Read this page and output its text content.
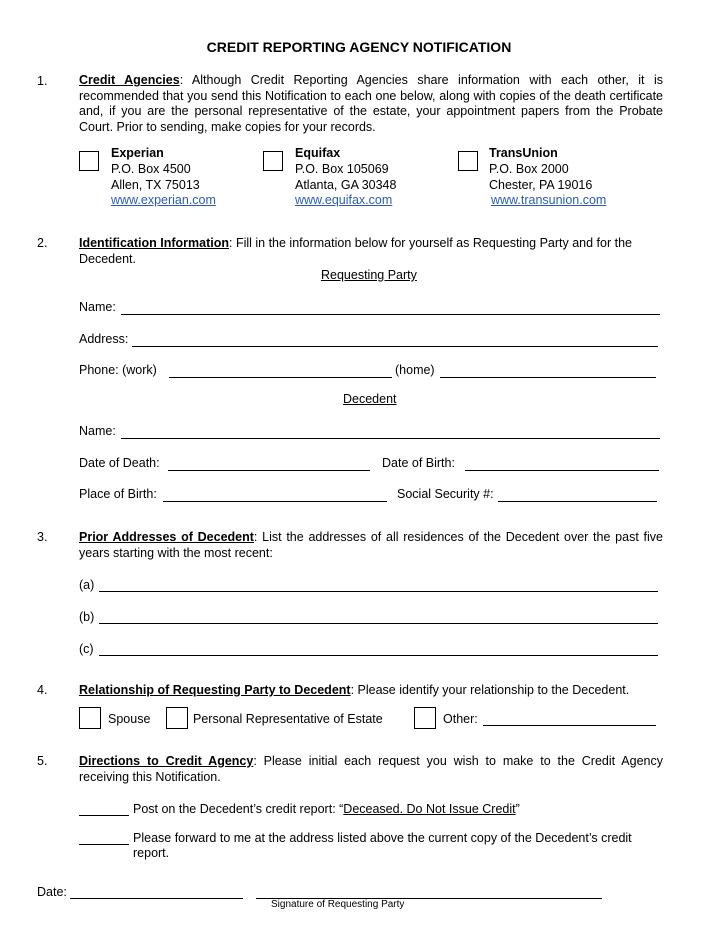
CREDIT REPORTING AGENCY NOTIFICATION
1.	Credit Agencies: Although Credit Reporting Agencies share information with each other, it is recommended that you send this Notification to each one below, along with copies of the death certificate and, if you are the personal representative of the estate, your appointment papers from the Probate Court. Prior to sending, make copies for your records.
Experian
P.O. Box 4500
Allen, TX 75013
www.experian.com
Equifax
P.O. Box 105069
Atlanta, GA 30348
www.equifax.com
TransUnion
P.O. Box 2000
Chester, PA 19016
www.transunion.com
2.	Identification Information: Fill in the information below for yourself as Requesting Party and for the Decedent.
Requesting Party
Name:
Address:
Phone: (work)	(home)
Decedent
Name:
Date of Death:	Date of Birth:
Place of Birth:	Social Security #:
3.	Prior Addresses of Decedent: List the addresses of all residences of the Decedent over the past five years starting with the most recent:
(a)
(b)
(c)
4.	Relationship of Requesting Party to Decedent: Please identify your relationship to the Decedent.
Spouse	Personal Representative of Estate	Other:
5.	Directions to Credit Agency: Please initial each request you wish to make to the Credit Agency receiving this Notification.
Post on the Decedent’s credit report: “Deceased. Do Not Issue Credit”
Please forward to me at the address listed above the current copy of the Decedent’s credit report.
Date:
Signature of Requesting Party
